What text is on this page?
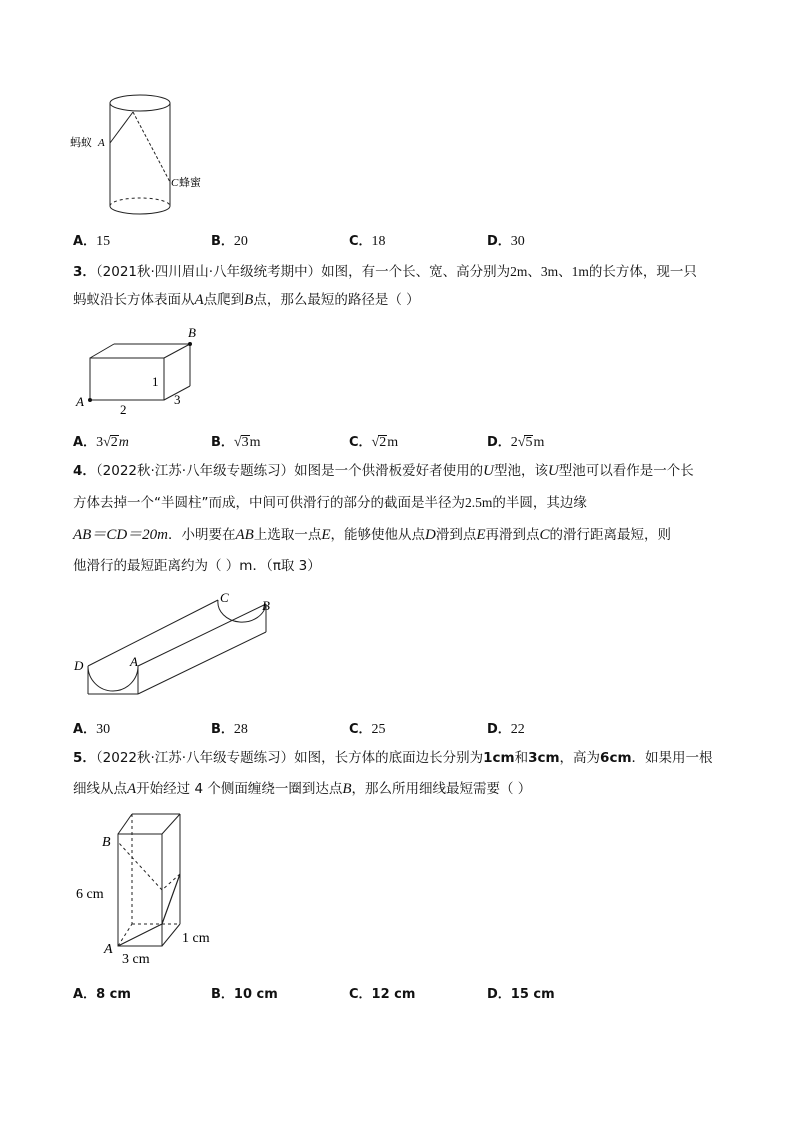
蚂蚁 A
C 蜂蜜
A．15	B．20	C．18	D．30
3．（2021秋·四川眉山·八年级统考期中）如图，有一个长、宽、高分别为2m、3m、1m的长方体，现一只
蚂蚁沿长方体表面从A点爬到B点，那么最短的路径是（ ）
B
A
1
2
3
A．3√2m	B．√3m	C．√2m	D．2√5m
4．（2022秋·江苏·八年级专题练习）如图是一个供滑板爱好者使用的U型池，该U型池可以看作是一个长
方体去掉一个“半圆柱”而成，中间可供滑行的部分的截面是半径为2.5m的半圆，其边缘
AB＝CD＝20m．小明要在AB上选取一点E，能够使他从点D滑到点E再滑到点C的滑行距离最短，则
他滑行的最短距离约为（ ）m．（π取 3）
D	A
C
B
A．30	B．28	C．25	D．22
5．（2022秋·江苏·八年级专题练习）如图，长方体的底面边长分别为1cm和3cm，高为6cm．如果用一根
细线从点A开始经过 4 个侧面缠绕一圈到达点B，那么所用细线最短需要（ ）
B
A
6 cm
1 cm
3 cm
A．8 cm	B．10 cm	C．12 cm	D．15 cm
